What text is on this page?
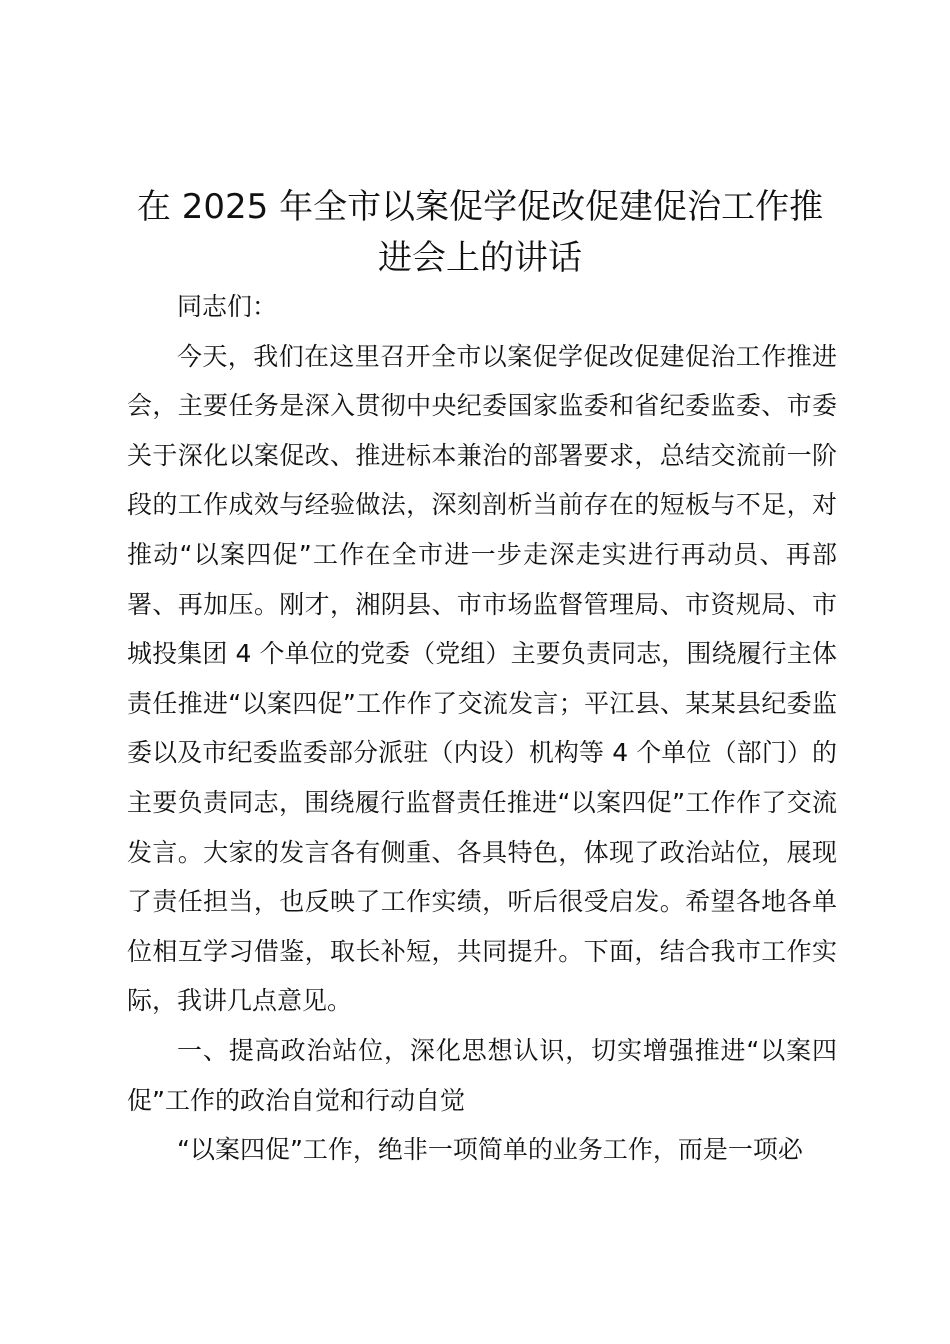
在 2025 年全市以案促学促改促建促治工作推进会上的讲话

同志们：

今天，我们在这里召开全市以案促学促改促建促治工作推进会，主要任务是深入贯彻中央纪委国家监委和省纪委监委、市委关于深化以案促改、推进标本兼治的部署要求，总结交流前一阶段的工作成效与经验做法，深刻剖析当前存在的短板与不足，对推动“以案四促”工作在全市进一步走深走实进行再动员、再部署、再加压。刚才，湘阴县、市市场监督管理局、市资规局、市城投集团 4 个单位的党委（党组）主要负责同志，围绕履行主体责任推进“以案四促”工作作了交流发言；平江县、某某县纪委监委以及市纪委监委部分派驻（内设）机构等 4 个单位（部门）的主要负责同志，围绕履行监督责任推进“以案四促”工作作了交流发言。大家的发言各有侧重、各具特色，体现了政治站位，展现了责任担当，也反映了工作实绩，听后很受启发。希望各地各单位相互学习借鉴，取长补短，共同提升。下面，结合我市工作实际，我讲几点意见。

一、提高政治站位，深化思想认识，切实增强推进“以案四促”工作的政治自觉和行动自觉

“以案四促”工作，绝非一项简单的业务工作，而是一项必
